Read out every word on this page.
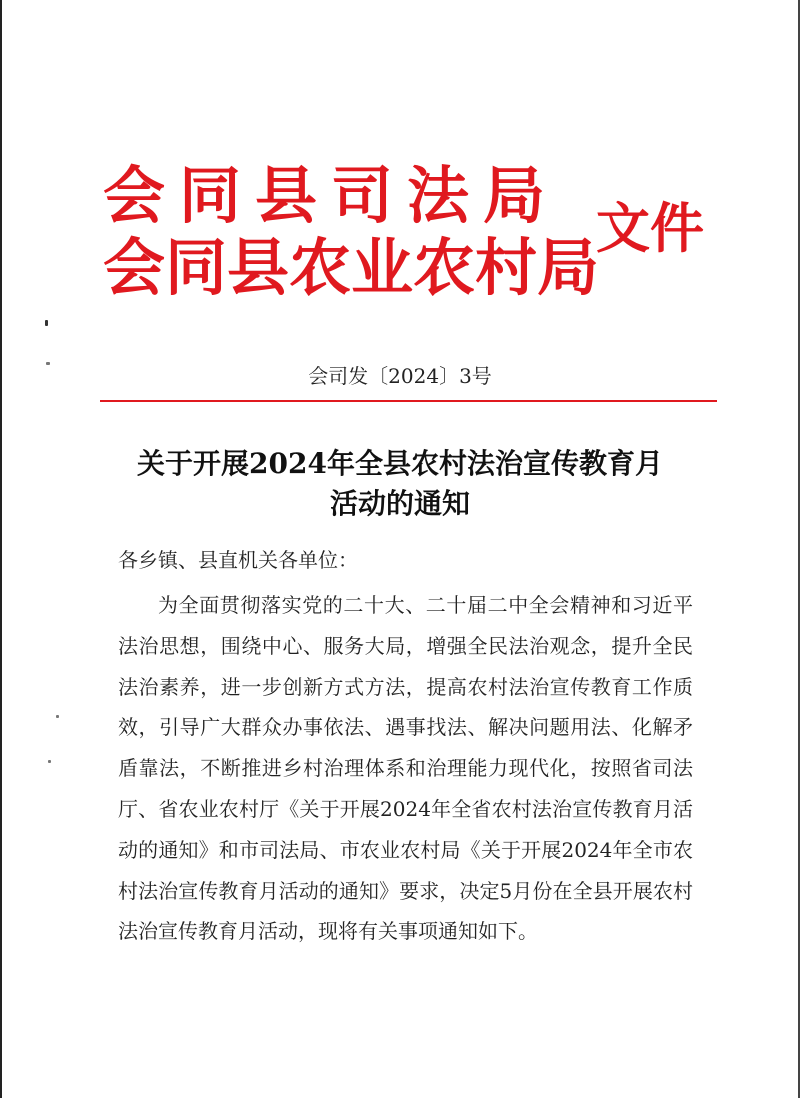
会同县司法局
会同县农业农村局
文件
会司发〔2024〕3号
关于开展2024年全县农村法治宣传教育月
活动的通知
各乡镇、县直机关各单位：

为全面贯彻落实党的二十大、二十届二中全会精神和习近平法治思想，围绕中心、服务大局，增强全民法治观念，提升全民法治素养，进一步创新方式方法，提高农村法治宣传教育工作质效，引导广大群众办事依法、遇事找法、解决问题用法、化解矛盾靠法，不断推进乡村治理体系和治理能力现代化，按照省司法厅、省农业农村厅《关于开展2024年全省农村法治宣传教育月活动的通知》和市司法局、市农业农村局《关于开展2024年全市农村法治宣传教育月活动的通知》要求，决定5月份在全县开展农村法治宣传教育月活动，现将有关事项通知如下。
